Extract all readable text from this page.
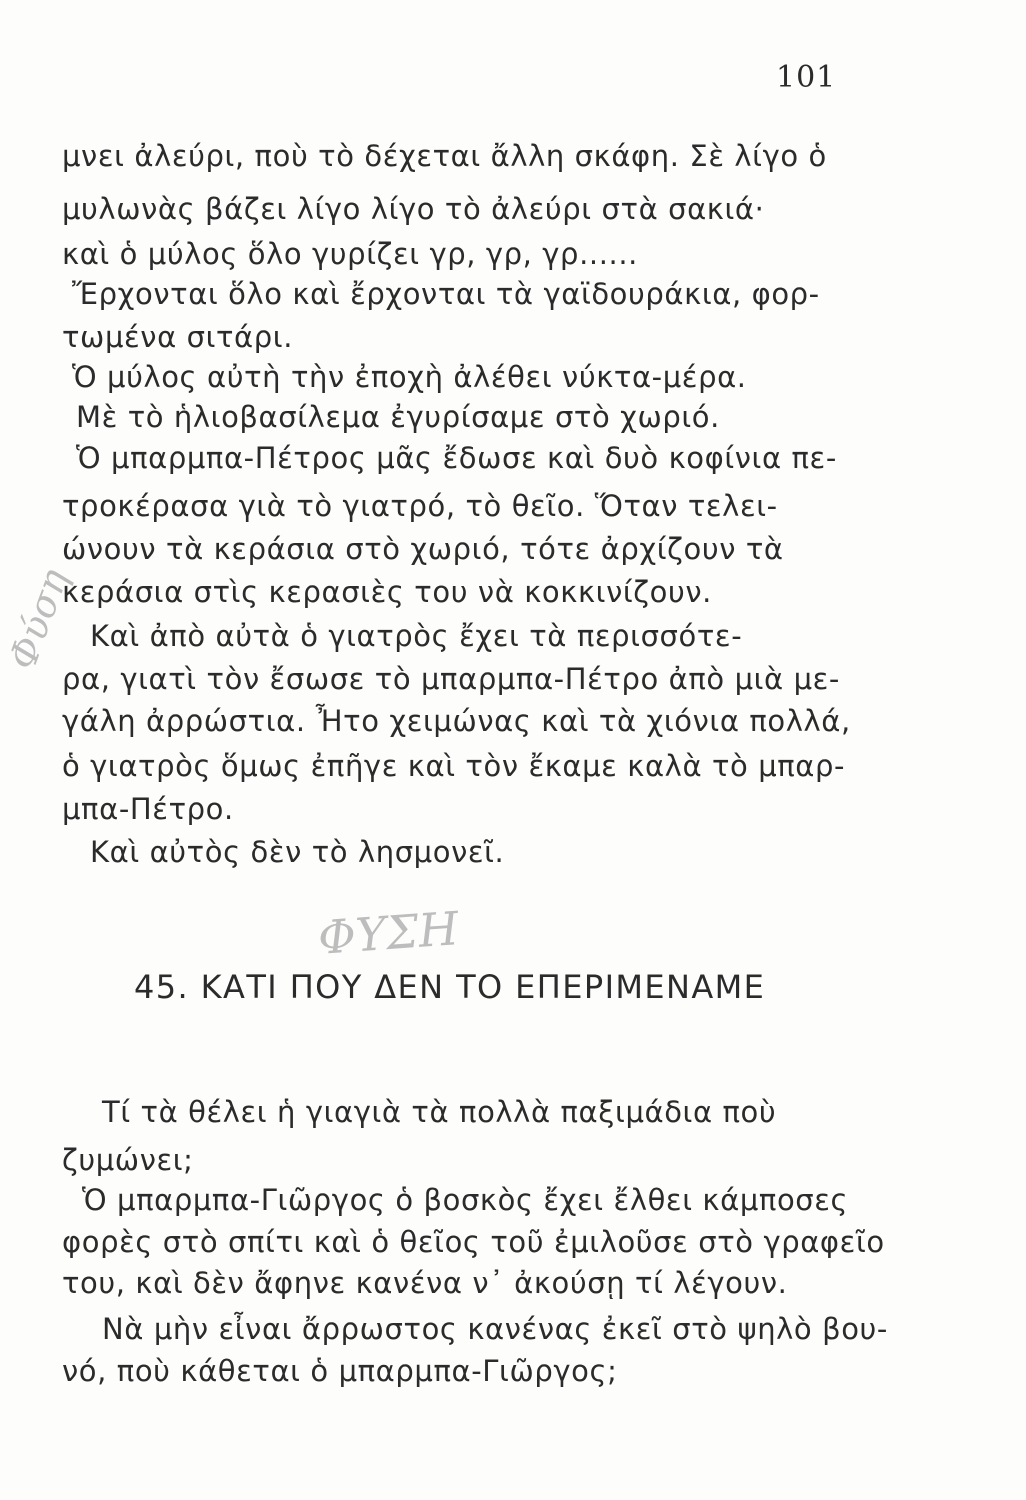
101
μνει ἀλεύρι, ποὺ τὸ δέχεται ἄλλη σκάφη. Σὲ λίγο ὁ
μυλωνὰς βάζει λίγο λίγο τὸ ἀλεύρι στὰ σακιά·
καὶ ὁ μύλος ὅλο γυρίζει γρ, γρ, γρ......
Ἔρχονται ὅλο καὶ ἔρχονται τὰ γαϊδουράκια, φορ-
τωμένα σιτάρι.
Ὁ μύλος αὐτὴ τὴν ἐποχὴ ἀλέθει νύκτα-μέρα.
Μὲ τὸ ἡλιοβασίλεμα ἐγυρίσαμε στὸ χωριό.
Ὁ μπαρμπα-Πέτρος μᾶς ἔδωσε καὶ δυὸ κοφίνια πε-
τροκέρασα γιὰ τὸ γιατρό, τὸ θεῖο. Ὅταν τελει-
ώνουν τὰ κεράσια στὸ χωριό, τότε ἀρχίζουν τὰ
κεράσια στὶς κερασιὲς του νὰ κοκκινίζουν.
Καὶ ἀπὸ αὐτὰ ὁ γιατρὸς ἔχει τὰ περισσότε-
ρα, γιατὶ τὸν ἔσωσε τὸ μπαρμπα-Πέτρο ἀπὸ μιὰ με-
γάλη ἀρρώστια. Ἦτο χειμώνας καὶ τὰ χιόνια πολλά,
ὁ γιατρὸς ὅμως ἐπῆγε καὶ τὸν ἔκαμε καλὰ τὸ μπαρ-
μπα-Πέτρο.
Καὶ αὐτὸς δὲν τὸ λησμονεῖ.
ΦΥΣΗ
Φύση
45. ΚΑΤΙ ΠΟΥ ΔΕΝ ΤΟ ΕΠΕΡΙΜΕΝΑΜΕ
Τί τὰ θέλει ἡ γιαγιὰ τὰ πολλὰ παξιμάδια ποὺ
ζυμώνει;
Ὁ μπαρμπα-Γιῶργος ὁ βοσκὸς ἔχει ἔλθει κάμποσες
φορὲς στὸ σπίτι καὶ ὁ θεῖος τοῦ ἐμιλοῦσε στὸ γραφεῖο
του, καὶ δὲν ἄφηνε κανένα ν᾽ ἀκούσῃ τί λέγουν.
Νὰ μὴν εἶναι ἄρρωστος κανένας ἐκεῖ στὸ ψηλὸ βου-
νό, ποὺ κάθεται ὁ μπαρμπα-Γιῶργος;
